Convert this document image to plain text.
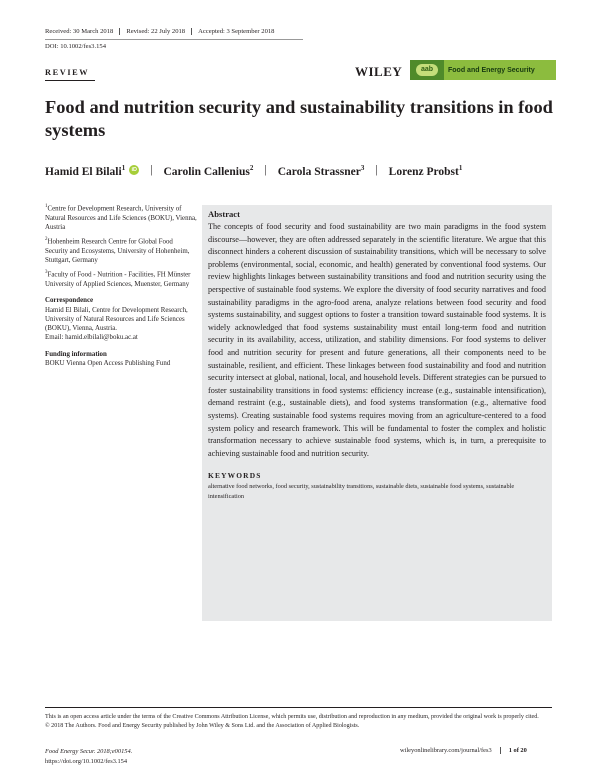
Received: 30 March 2018	Revised: 22 July 2018	Accepted: 3 September 2018
DOI: 10.1002/fes3.154
REVIEW	WILEY	aab	Food and Energy Security
Food and nutrition security and sustainability transitions in food systems
Hamid El Bilali$^1$	iD | Carolin Callenius$^2$ | Carola Strassner$^3$ | Lorenz Probst$^1$
$^1$Centre for Development Research, University of Natural Resources and Life Sciences (BOKU), Vienna, Austria
$^2$Hohenheim Research Centre for Global Food Security and Ecosystems, University of Hohenheim, Stuttgart, Germany
$^3$Faculty of Food - Nutrition - Facilities, FH Münster University of Applied Sciences, Muenster, Germany
Correspondence
Hamid El Bilali, Centre for Development Research, University of Natural Resources and Life Sciences (BOKU), Vienna, Austria.
Email: hamid.elbilali@boku.ac.at
Funding information
BOKU Vienna Open Access Publishing Fund
Abstract
The concepts of food security and food sustainability are two main paradigms in the food system discourse—however, they are often addressed separately in the scientific literature. We argue that this disconnect hinders a coherent discussion of sustainability transitions, which will be necessary to solve problems (environmental, social, economic, and health) generated by conventional food systems. Our review highlights linkages between sustainability transitions and food and nutrition security using the perspective of sustainable food systems. We explore the diversity of food security narratives and food sustainability paradigms in the agro-food arena, analyze relations between food security and food systems sustainability, and suggest options to foster a transition toward sustainable food systems. It is widely acknowledged that food systems sustainability must entail long-term food and nutrition security in its availability, access, utilization, and stability dimensions. For food systems to deliver food and nutrition security for present and future generations, all their components need to be sustainable, resilient, and efficient. These linkages between food sustainability and food and nutrition security intersect at global, national, local, and household levels. Different strategies can be pursued to foster sustainability transitions in food systems: efficiency increase (e.g., sustainable intensification), demand restraint (e.g., sustainable diets), and food systems transformation (e.g., alternative food systems). Creating sustainable food systems requires moving from an agriculture-centered to a food system policy and research framework. This will be fundamental to foster the complex and holistic transformation necessary to achieve sustainable food systems, which is, in turn, a prerequisite to achieving sustainable food and nutrition security.
KEYWORDS
alternative food networks, food security, sustainability transitions, sustainable diets, sustainable food systems, sustainable intensification
This is an open access article under the terms of the Creative Commons Attribution License, which permits use, distribution and reproduction in any medium, provided the original work is properly cited.
© 2018 The Authors. Food and Energy Security published by John Wiley & Sons Ltd. and the Association of Applied Biologists.
Food Energy Secur. 2018;e00154.
https://doi.org/10.1002/fes3.154
wileyonlinelibrary.com/journal/fes3	1 of 20
